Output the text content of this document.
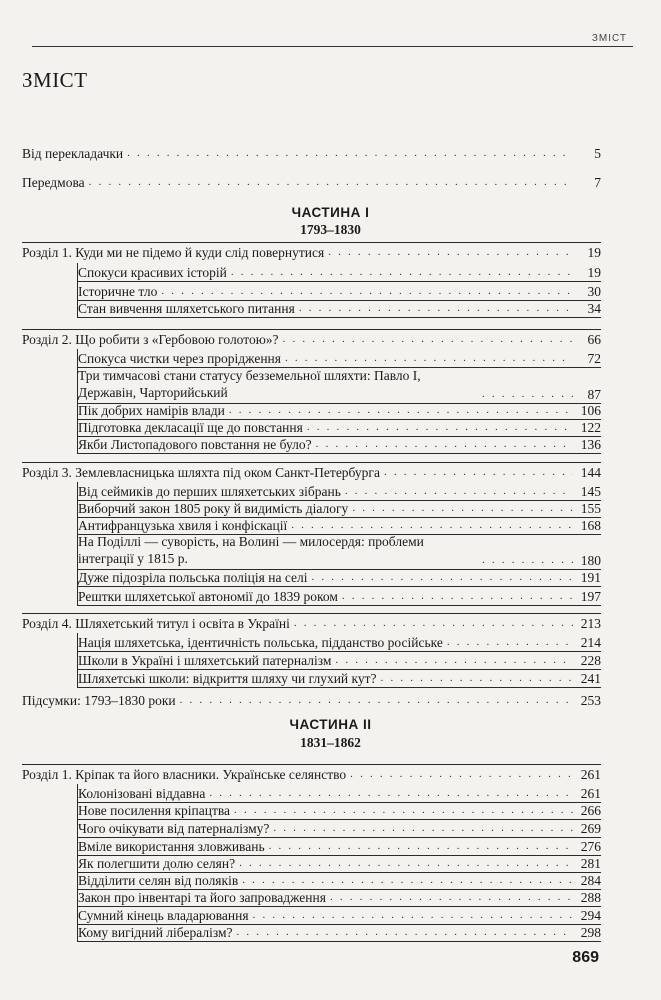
ЗМІСТ
ЗМІСТ
Від перекладачки . . .	5
Передмова . . .	7
ЧАСТИНА I
1793–1830
Розділ 1. Куди ми не підемо й куди слід повернутися . . .	19
Спокуси красивих історій . . .	19
Історичне тло . . .	30
Стан вивчення шляхетського питання . . .	34
Розділ 2. Що робити з «Гербовою голотою»? . . .	66
Спокуса чистки через прорідження . . .	72
Три тимчасові стани статусу безземельної шляхти: Павло I, Державін, Чарторийський . . .	87
Пік добрих намірів влади . . .	106
Підготовка декласації ще до повстання . . .	122
Якби Листопадового повстання не було? . . .	136
Розділ 3. Землевласницька шляхта під оком Санкт-Петербурга . . .	144
Від сеймиків до перших шляхетських зібрань . . .	145
Виборчий закон 1805 року й видимість діалогу . . .	155
Антифранцузька хвиля і конфіскації . . .	168
На Поділлі — суворість, на Волині — милосердя: проблеми інтеграції у 1815 р. . . .	180
Дуже підозріла польська поліція на селі . . .	191
Рештки шляхетської автономії до 1839 роком . . .	197
Розділ 4. Шляхетський титул і освіта в Україні . . .	213
Нація шляхетська, ідентичність польська, підданство російське . . .	214
Школи в Україні і шляхетський патерналізм . . .	228
Шляхетські школи: відкриття шляху чи глухий кут? . . .	241
Підсумки: 1793–1830 роки . . .	253
ЧАСТИНА II
1831–1862
Розділ 1. Кріпак та його власники. Українське селянство . . .	261
Колонізовані віддавна . . .	261
Нове посилення кріпацтва . . .	266
Чого очікувати від патерналізму? . . .	269
Вміле використання зловживань . . .	276
Як полегшити долю селян? . . .	281
Відділити селян від поляків . . .	284
Закон про інвентарі та його запровадження . . .	288
Сумний кінець владарювання . . .	294
Кому вигідний лібералізм? . . .	298
869
